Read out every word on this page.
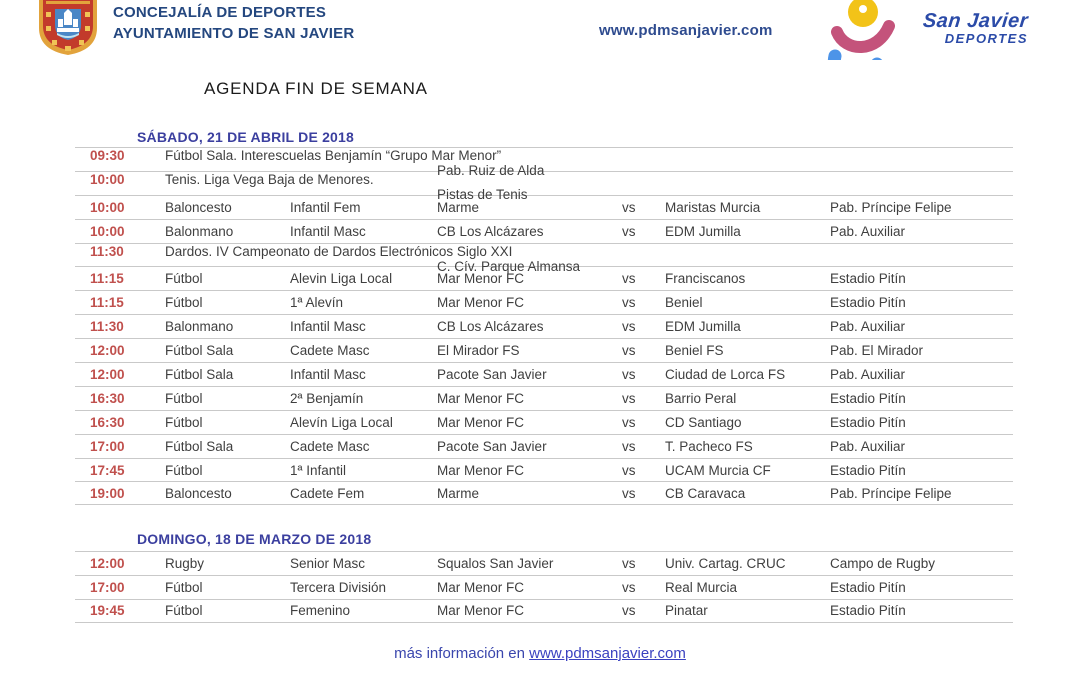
CONCEJALÍA DE DEPORTES
AYUNTAMIENTO DE SAN JAVIER	www.pdmsanjavier.com	San Javier
DEPORTES
AGENDA FIN DE SEMANA
SÁBADO, 21 DE ABRIL DE 2018
09:30	Fútbol Sala. Interescuelas Benjamín “Grupo Mar Menor”
Pab. Ruiz de Alda
10:00	Tenis. Liga Vega Baja de Menores.
Pistas de Tenis
10:00	Baloncesto	Infantil Fem	Marme	vs	Maristas Murcia	Pab. Príncipe Felipe
10:00	Balonmano	Infantil Masc	CB Los Alcázares	vs	EDM Jumilla	Pab. Auxiliar
11:30	Dardos. IV Campeonato de Dardos Electrónicos Siglo XXI
C. Cív. Parque Almansa
11:15	Fútbol	Alevin Liga Local	Mar Menor FC	vs	Franciscanos	Estadio Pitín
11:15	Fútbol	1ª Alevín	Mar Menor FC	vs	Beniel	Estadio Pitín
11:30	Balonmano	Infantil Masc	CB Los Alcázares	vs	EDM Jumilla	Pab. Auxiliar
12:00	Fútbol Sala	Cadete Masc	El Mirador FS	vs	Beniel FS	Pab. El Mirador
12:00	Fútbol Sala	Infantil Masc	Pacote San Javier	vs	Ciudad de Lorca FS	Pab. Auxiliar
16:30	Fútbol	2ª Benjamín	Mar Menor FC	vs	Barrio Peral	Estadio Pitín
16:30	Fútbol	Alevín Liga Local	Mar Menor FC	vs	CD Santiago	Estadio Pitín
17:00	Fútbol Sala	Cadete Masc	Pacote San Javier	vs	T. Pacheco FS	Pab. Auxiliar
17:45	Fútbol	1ª Infantil	Mar Menor FC	vs	UCAM Murcia CF	Estadio Pitín
19:00	Baloncesto	Cadete Fem	Marme	vs	CB Caravaca	Pab. Príncipe Felipe
DOMINGO, 18 DE MARZO DE 2018
12:00	Rugby	Senior Masc	Squalos San Javier	vs	Univ. Cartag. CRUC	Campo de Rugby
17:00	Fútbol	Tercera División	Mar Menor FC	vs	Real Murcia	Estadio Pitín
19:45	Fútbol	Femenino	Mar Menor FC	vs	Pinatar	Estadio Pitín
más información en www.pdmsanjavier.com
